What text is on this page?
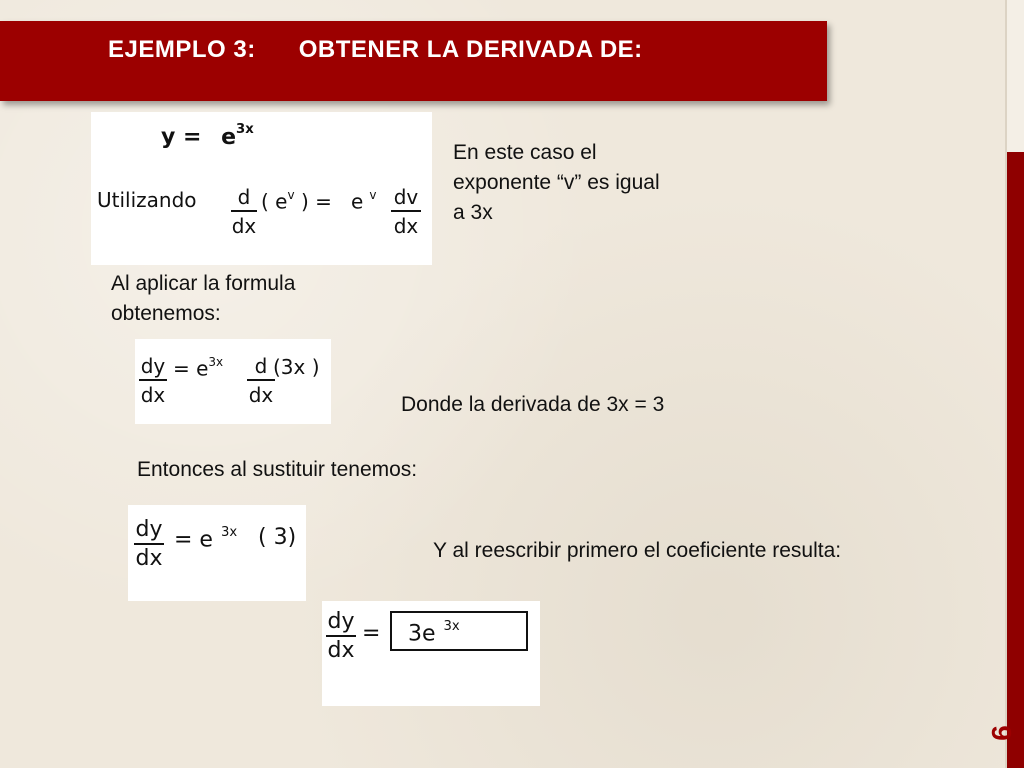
EJEMPLO 3: OBTENER LA DERIVADA DE:
9
$y = e^{3x}$
Utilizando $\frac{d}{dx}$ ( $e^v$ ) = e $^v \frac{dv}{dx}$
En este caso el exponente “v” es igual a 3x
Al aplicar la formula obtenemos:
$\frac{dy}{dx} = e^{3x} \frac{d}{dx}$
(3x )
Donde la derivada de 3x = 3
Entonces al sustituir tenemos:
$\frac{dy}{dx} = e$ $^{3x}$ ( 3)
Y al reescribir primero el coeficiente resulta:
$\frac{dy}{dx} = 3e$ $^{3x}$
